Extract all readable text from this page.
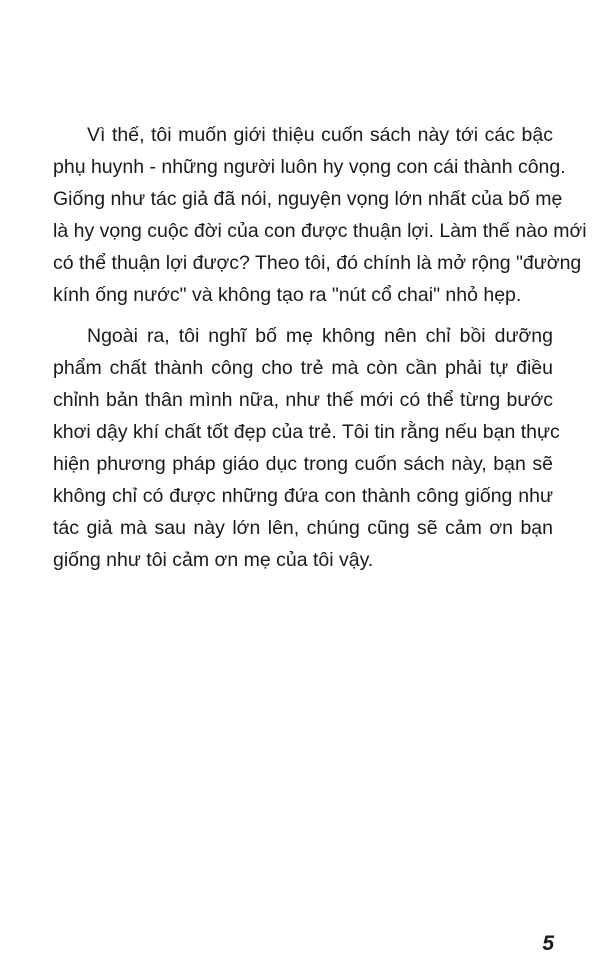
Vì thế, tôi muốn giới thiệu cuốn sách này tới các bậc
phụ huynh - những người luôn hy vọng con cái thành công.
Giống như tác giả đã nói, nguyện vọng lớn nhất của bố mẹ
là hy vọng cuộc đời của con được thuận lợi. Làm thế nào mới
có thể thuận lợi được? Theo tôi, đó chính là mở rộng "đường
kính ống nước" và không tạo ra "nút cổ chai" nhỏ hẹp.
Ngoài ra, tôi nghĩ bố mẹ không nên chỉ bồi dưỡng
phẩm chất thành công cho trẻ mà còn cần phải tự điều
chỉnh bản thân mình nữa, như thế mới có thể từng bước
khơi dậy khí chất tốt đẹp của trẻ. Tôi tin rằng nếu bạn thực
hiện phương pháp giáo dục trong cuốn sách này, bạn sẽ
không chỉ có được những đứa con thành công giống như
tác giả mà sau này lớn lên, chúng cũng sẽ cảm ơn bạn
giống như tôi cảm ơn mẹ của tôi vậy.
5
